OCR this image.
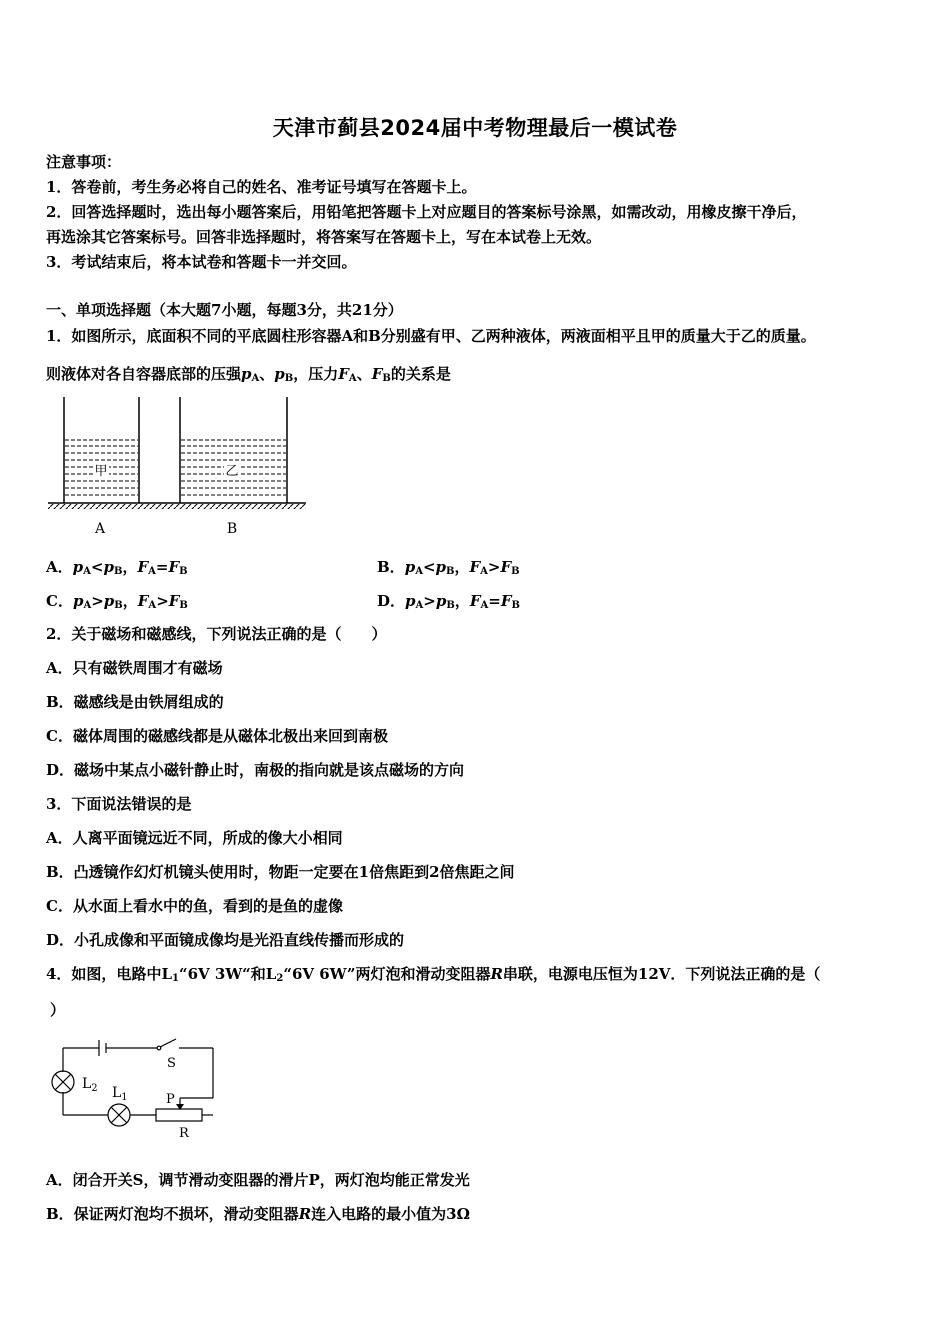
天津市蓟县2024届中考物理最后一模试卷
注意事项：
1．答卷前，考生务必将自己的姓名、准考证号填写在答题卡上。
2．回答选择题时，选出每小题答案后，用铅笔把答题卡上对应题目的答案标号涂黑，如需改动，用橡皮擦干净后，
再选涂其它答案标号。回答非选择题时，将答案写在答题卡上，写在本试卷上无效。
3．考试结束后，将本试卷和答题卡一并交回。
一、单项选择题（本大题7小题，每题3分，共21分）
1．如图所示，底面积不同的平底圆柱形容器A和B分别盛有甲、乙两种液体，两液面相平且甲的质量大于乙的质量。
则液体对各自容器底部的压强$p_A$、$p_B$，压力$F_A$、$F_B$的关系是
甲	乙
A	B
A．$p_A<p_B$，$F_A=F_B$	B．$p_A<p_B$，$F_A>F_B$
C．$p_A>p_B$，$F_A>F_B$	D．$p_A>p_B$，$F_A=F_B$
2．关于磁场和磁感线，下列说法正确的是（　　）
A．只有磁铁周围才有磁场
B．磁感线是由铁屑组成的
C．磁体周围的磁感线都是从磁体北极出来回到南极
D．磁场中某点小磁针静止时，南极的指向就是该点磁场的方向
3．下面说法错误的是
A．人离平面镜远近不同，所成的像大小相同
B．凸透镜作幻灯机镜头使用时，物距一定要在1倍焦距到2倍焦距之间
C．从水面上看水中的鱼，看到的是鱼的虚像
D．小孔成像和平面镜成像均是光沿直线传播而形成的
4．如图，电路中$L_1“6V$ 3W“和$L_2“6V$ 6W”两灯泡和滑动变阻器R串联，电源电压恒为12V．下列说法正确的是（
）
S
$L_2$ $L_1$	P
R
A．闭合开关S，调节滑动变阻器的滑片P，两灯泡均能正常发光
B．保证两灯泡均不损坏，滑动变阻器R连入电路的最小值为3Ω
